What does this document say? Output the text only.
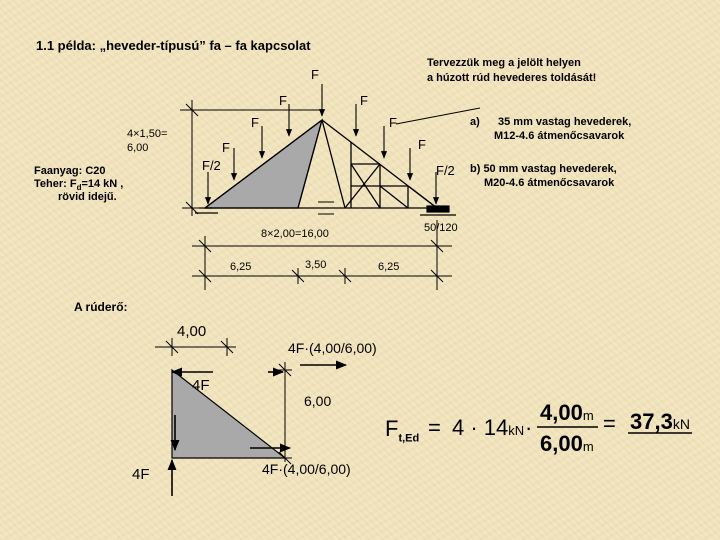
1.1 példa: „heveder-típusú” fa – fa kapcsolat
Tervezzük meg a jelölt helyen
a húzott rúd hevederes toldását!
F
F	F
F	F
F	F
F/2	F/2
4×1,50=
6,00
Faanyag: C20
Teher: $F_d=14$ kN ,
rövid idejű.
50/120
8×2,00=16,00
6,25	3,50	6,25
a) 35 mm vastag hevederek,
M12-4.6 átmenőcsavarok
b) 50 mm vastag hevederek,
M20-4.6 átmenőcsavarok
A rúderő:
4,00
4F·(4,00/6,00)
4F
6,00
4F	4F·(4,00/6,00)
$F_{t,Ed} = 4 \cdot 14kN$ ·
4,00m
6,00m
= 37,3kN
